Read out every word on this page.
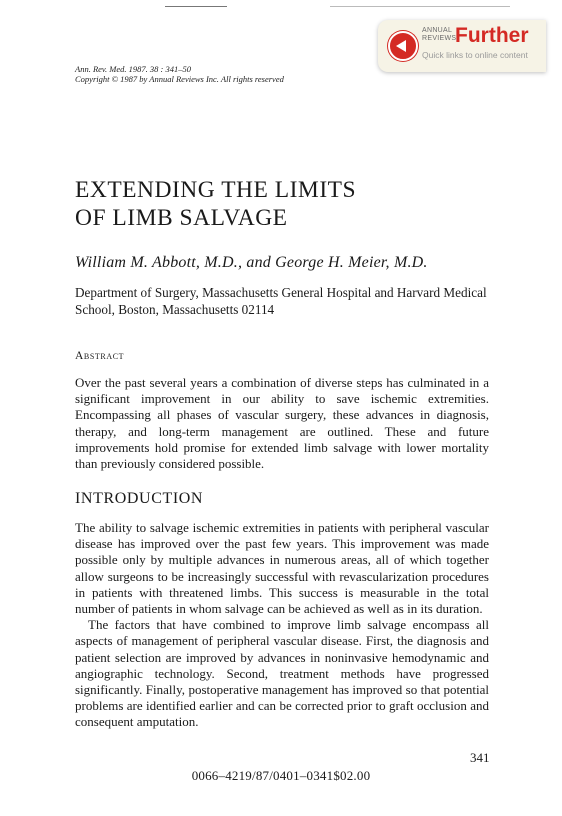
ANNUAL
REVIEWS
Further
Quick links to online content
Ann. Rev. Med. 1987. 38 : 341–50
Copyright © 1987 by Annual Reviews Inc. All rights reserved
EXTENDING THE LIMITS
OF LIMB SALVAGE

William M. Abbott, M.D., and George H. Meier, M.D.

Department of Surgery, Massachusetts General Hospital and Harvard Medical School, Boston, Massachusetts 02114

Abstract

Over the past several years a combination of diverse steps has culminated in a significant improvement in our ability to save ischemic extremities. Encompassing all phases of vascular surgery, these advances in diagnosis, therapy, and long-term management are outlined. These and future improvements hold promise for extended limb salvage with lower mortality than previously considered possible.

INTRODUCTION

The ability to salvage ischemic extremities in patients with peripheral vascular disease has improved over the past few years. This improvement was made possible only by multiple advances in numerous areas, all of which together allow surgeons to be increasingly successful with revascularization procedures in patients with threatened limbs. This success is measurable in the total number of patients in whom salvage can be achieved as well as in its duration.

The factors that have combined to improve limb salvage encompass all aspects of management of peripheral vascular disease. First, the diagnosis and patient selection are improved by advances in noninvasive hemodynamic and angiographic technology. Second, treatment methods have progressed significantly. Finally, postoperative management has improved so that potential problems are identified earlier and can be corrected prior to graft occlusion and consequent amputation.

341
0066–4219/87/0401–0341$02.00
